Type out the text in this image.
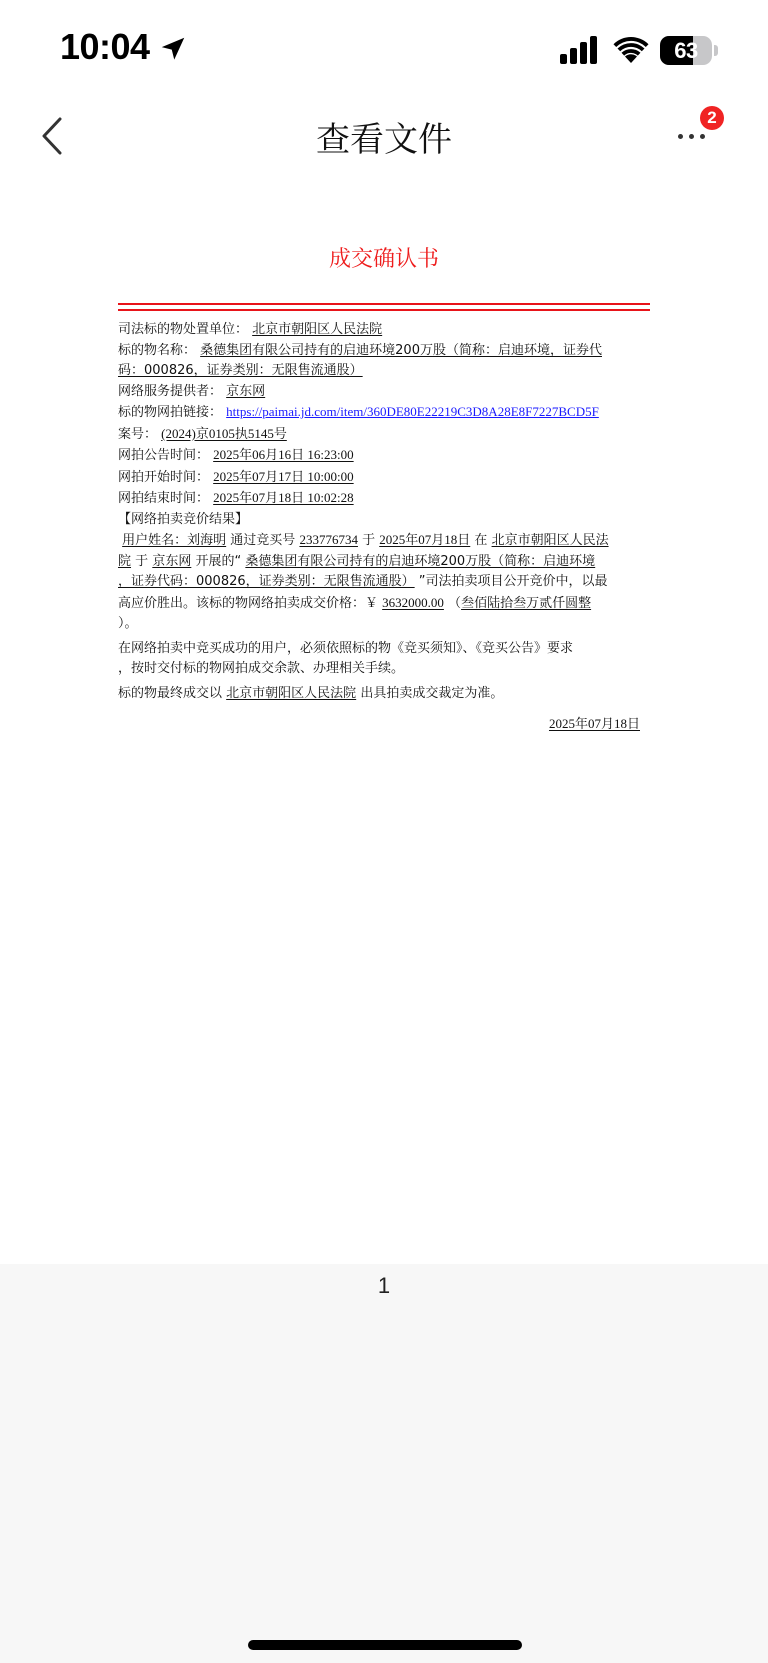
10:04	63
查看文件
2
成交确认书
司法标的物处置单位： 北京市朝阳区人民法院
标的物名称： 桑德集团有限公司持有的启迪环境200万股（简称：启迪环境，证券代
码：000826，证券类别：无限售流通股）
网络服务提供者： 京东网
标的物网拍链接： https://paimai.jd.com/item/360DE80E22219C3D8A28E8F7227BCD5F
案号： (2024)京0105执5145号
网拍公告时间： 2025年06月16日 16:23:00
网拍开始时间： 2025年07月17日 10:00:00
网拍结束时间： 2025年07月18日 10:02:28
【网络拍卖竞价结果】
用户姓名：刘海明 通过竞买号 233776734 于 2025年07月18日 在 北京市朝阳区人民法
院 于 京东网 开展的“ 桑德集团有限公司持有的启迪环境200万股（简称：启迪环境
，证券代码：000826，证券类别：无限售流通股） ”司法拍卖项目公开竞价中，以最
高应价胜出。该标的物网络拍卖成交价格：￥ 3632000.00 （叁佰陆拾叁万贰仟圆整
）。
在网络拍卖中竞买成功的用户，必须依照标的物《竞买须知》、《竞买公告》要求
，按时交付标的物网拍成交余款、办理相关手续。
标的物最终成交以 北京市朝阳区人民法院 出具拍卖成交裁定为准。
2025年07月18日
1
